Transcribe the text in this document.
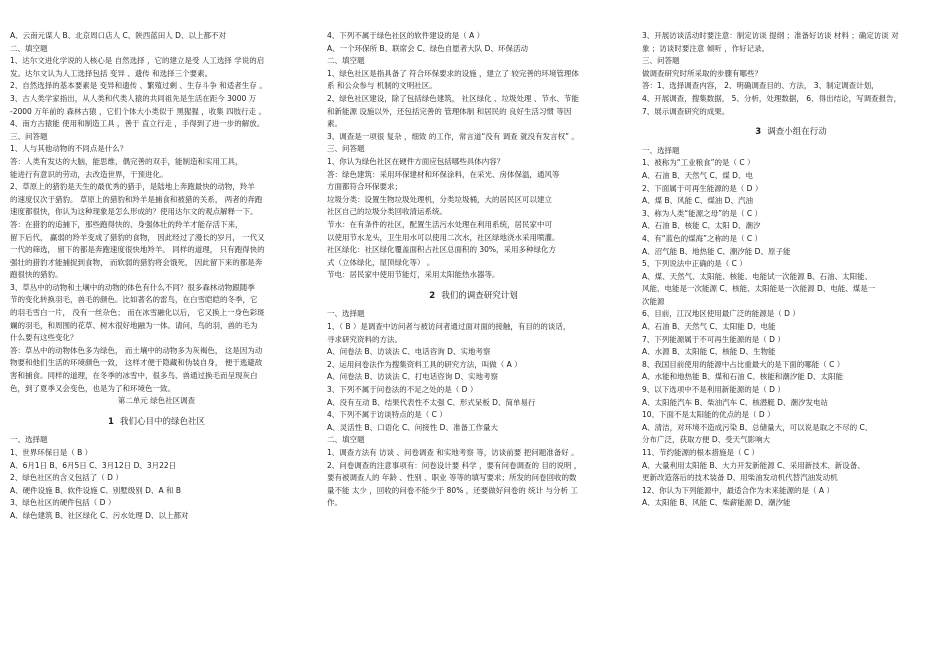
A、云南元谋人 B、北京周口店人 C、陕西蓝田人 D、以上都不对
二、填空题
1、达尔文进化学说的人核心是 自然选择 ，它的建立是受 人工选择 学说的启
发。达尔文认为人工选择包括 变异 、遗传 和选择三个要素。
2、自然选择的基本要素是 变异和遗传 、繁殖过剩 、生存斗争 和适者生存 。
3、古人类学家指出，从人类和代类人猿的共同祖先是生活在距今 3000 万
-2000 万年前的 森林古猿 ，它们个体大小类似于 黑猩猩 ，收集 四肢行走 。
4、南方古猿能 使用和制造工具 ，善于 直立行走 ，手得到了进一步的解放。
三、问答题
1、人与其他动物的不同点是什么？
答：人类有发达的大脑，能思维，偶完善的双手，能制造和实用工具，
能进行有意识的劳动，去改造世界，干预进化。
2、草原上的猎豹是天生的最优秀的猎手，是陆地上奔跑最快的动物，羚羊
的速度仅次于猎豹。 草原上的猎豹和羚羊是捕食和被猎的关系， 两者的奔跑
速度都很快，你认为这种现象是怎么形成的？使用达尔文的观点解释一下。
答：在猎豹的追捕下，那些跑得快的、身强体壮的羚羊才能存活下来，
留下后代， 赢弱的羚羊变成了猎豹的食物， 因此经过了漫长的岁月， 一代又
一代的筛选， 留下的都是奔跑速度很快地羚羊。 同样的道理， 只有跑得快的
强壮的猎豹才能捕捉到食物， 而软弱的猎豹将会饿死， 因此留下来的都是奔
跑很快的猎豹。
3、草丛中的动物和土壤中的动物的体色有什么不同？很多森林动物跟随季
节的变化转换羽毛，兽毛的颜色。比如著名的雷鸟，在白雪皑皑的冬季，它
的羽毛雪白一片， 没有一丝杂色； 而在冰雪融化以后， 它又换上一身色彩斑
斓的羽毛，和周围的花草、树木很好地融为一体。请问，鸟的羽，兽的毛为
什么要有这些变化？
答：草丛中的动物体色多为绿色， 而土壤中的动物多为灰褐色， 这是因为动
物要和他们生活的环境颜色一致， 这样才便于隐藏和伪装自身， 便于逃避敌
害和捕食。同样的道理，在冬季的冰雪中，很多鸟、兽通过换毛而呈现灰白
色，到了夏季又会变色，也是为了和环境色一致。
第二单元 绿色社区调查
1 我们心目中的绿色社区
一、选择题
1、世界环保日是（ B ）
A、6月1日 B、6月5日 C、3月12日 D、3月22日
2、绿色社区的含义包括了（ D ）
A、硬件设施 B、软件设施 C、别墅级别 D、A 和 B
3、绿色社区的硬件包括（ D ）
A、绿色建筑 B、社区绿化 C、污水处理 D、以上都对
4、下列不属于绿色社区的软件建设的是（ A ）
A、一个环保所 B、联席会 C、绿色自愿者大队 D、环保活动
二、填空题
1、绿色社区是指具备了 符合环保要求的设施 ，建立了 较完善的环境管理体
系 和公众参与 机制的文明社区。
2、绿色社区建设，除了包括绿色建筑， 社区绿化 、垃圾处理 、节水、节能
和新能源 设施以外，还包括完善的 管理体制 和居民的 良好生活习惯 等因
素。
3、调查是一项很 复杂 ，细致 的工作，常言道“没有 调查 就没有发言权” 。
三、问答题
1、你认为绿色社区在硬件方面应包括哪些具体内容？
答：绿色建筑：采用环保建材和环保涂料，在采光、房体保温，通风等
方面都符合环保要求；
垃圾分类：设置生物垃圾处理机，分类垃圾桶，大的居民区可以建立
社区自己的垃圾分类回收清运系统。
节水：在有条件的社区，配置生活污水处理在利用系统，居民家中可
以使用节水龙头，卫生用水可以使用二次水，社区绿地浇水采用喷灌。
社区绿化：社区绿化覆盖面积占社区总面积的 30%，采用多种绿化方
式（立体绿化，屋顶绿化等） 。
节电：居民家中使用节能灯，采用太阳能热水器等。
2 我们的调查研究计划
一、选择题
1、（ B ）是调查中访问者与被访问者通过面对面的接触，有目的的谈话，
寻求研究资料的方法。
A、问卷法 B、访谈法 C、电话咨询 D、实地考察
2、运用问卷法作为搜集资料工具的研究方法，叫做（ A ）
A、问卷法 B、访谈法 C、打电话咨询 D、实地考察
3、下列不属于问卷法的不足之处的是（ D ）
A、没有互动 B、结果代表性不太强 C、形式呆板 D、简单易行
4、下列不属于访谈特点的是（ C ）
A、灵活性 B、口语化 C、问接性 D、准备工作量大
二、填空题
1、调查方法有 访谈 、问卷调查 和实地考察 等，访谈前要 把问题准备好 。
2、问卷调查的注意事项有：问卷设计要 科学 ，要有问卷调查的 目的说明 ，
要有被调查人的 年龄 、性别 、职业 等等的填写要求；所发的问卷回收的数
量不能 太少 ，回收的问卷不能少于 80% ，还要做好问卷的 统计 与分析 工
作。
3、开展访谈活动时要注意：制定访谈 提纲 ；准备好访谈 材料 ；确定访谈 对
象 ；访谈时要注意 倾听 ，作好记录。
三、问答题
做调查研究时所采取的步骤有哪些？
答：1、选择调查内容， 2、明确调查目的、方法， 3、制定调查计划，
4、开展调查，搜集数据， 5、分析，处理数据， 6、得出结论，写调查报告，
7、展示调查研究的成果。
3 调查小组在行动
一、选择题
1、被称为“工业粮食”的是（ C ）
A、石油 B、天然气 C、煤 D、电
2、下面属于可再生能源的是（ D ）
A、煤 B、风能 C、煤油 D、汽油
3、称为人类“能源之母”的是（ C ）
A、石油 B、核能 C、太阳 D、潮汐
4、有“蓝色的煤海”之称的是（ C ）
A、沼气能 B、地热能 C、潮汐能 D、原子能
5、下列说法中正确的是（ C ）
A、煤、天然气、太阳能、核能、电能试一次能源 B、石油、太阳能、
风能、电能是一次能源 C、核能、太阳能是一次能源 D、电能、煤是一
次能源
6、目前，江汉地区使用最广泛的能源是（ D ）
A、石油 B、天然气 C、太阳能 D、电能
7、下列能源属于不可再生能源的是（ D ）
A、水源 B、太阳能 C、核能 D、生物能
8、我国目前使用的能源中占比重最大的是下面的哪能（ C ）
A、水能和地热能 B、煤和石油 C、核能和潮汐能 D、太阳能
9、以下选项中不是利用新能源的是（ D ）
A、太阳能汽车 B、柴油汽车 C、核潜艇 D、潮汐发电站
10、下面不是太阳能的优点的是（ D ）
A、清洁，对环境不造成污染 B、总储量大，可以说是取之不尽的 C、
分布广泛，获取方便 D、受天气影响大
11、节约能源的根本措施是（ C ）
A、大量利用太阳能 B、大力开发新能源 C、采用新技术、新设备、
更新改造落后的技术装备 D、用柴油发动机代替汽油发动机
12、你认为下列能源中，最适合作为未来能源的是（ A ）
A、太阳能 B、风能 C、柴薪能源 D、潮汐能
